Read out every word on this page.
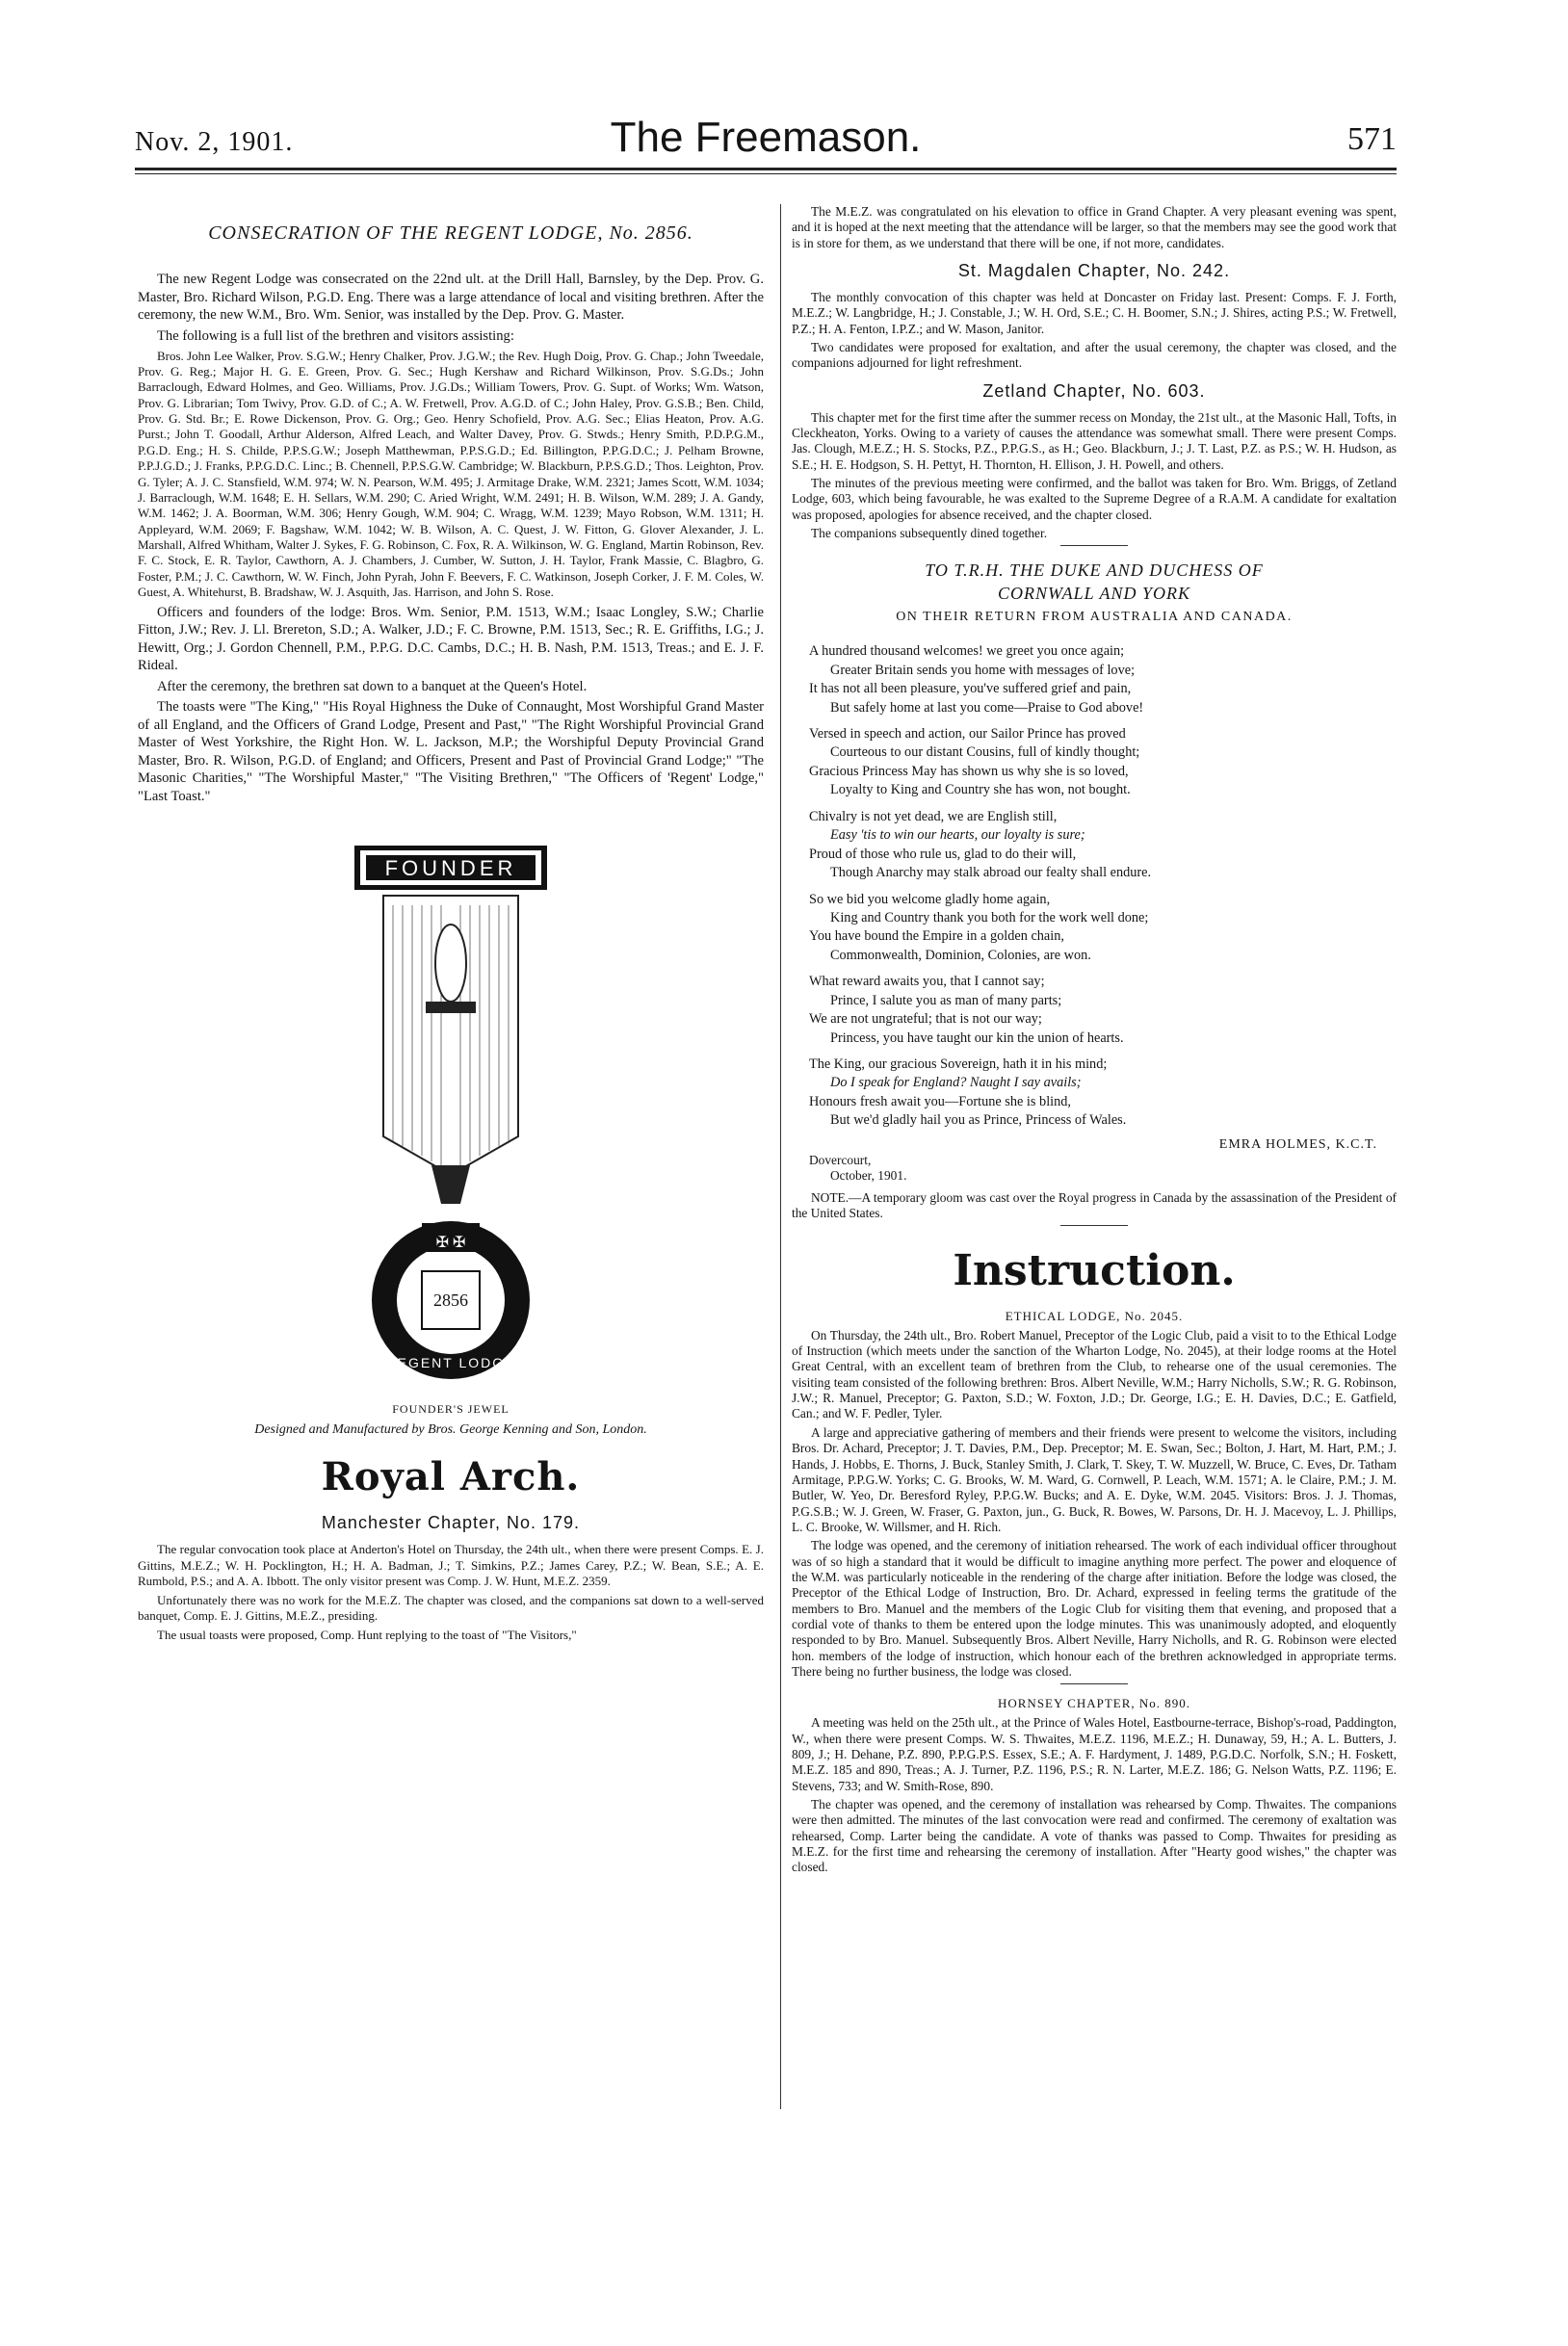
Nov. 2, 1901.	The Freemason.	571
CONSECRATION OF THE REGENT LODGE, No. 2856.

The new Regent Lodge was consecrated on the 22nd ult. at the Drill Hall, Barnsley, by the Dep. Prov. G. Master, Bro. Richard Wilson, P.G.D. Eng. There was a large attendance of local and visiting brethren. After the ceremony, the new W.M., Bro. Wm. Senior, was installed by the Dep. Prov. G. Master.

The following is a full list of the brethren and visitors assisting:

Bros. John Lee Walker, Prov. S.G.W.; Henry Chalker, Prov. J.G.W.; the Rev. Hugh Doig, Prov. G. Chap.; John Tweedale, Prov. G. Reg.; Major H. G. E. Green, Prov. G. Sec.; Hugh Kershaw and Richard Wilkinson, Prov. S.G.Ds.; John Barraclough, Edward Holmes, and Geo. Williams, Prov. J.G.Ds.; William Towers, Prov. G. Supt. of Works; Wm. Watson, Prov. G. Librarian; Tom Twivy, Prov. G.D. of C.; A. W. Fretwell, Prov. A.G.D. of C.; John Haley, Prov. G.S.B.; Ben. Child, Prov. G. Std. Br.; E. Rowe Dickenson, Prov. G. Org.; Geo. Henry Schofield, Prov. A.G. Sec.; Elias Heaton, Prov. A.G. Purst.; John T. Goodall, Arthur Alderson, Alfred Leach, and Walter Davey, Prov. G. Stwds.; Henry Smith, P.D.P.G.M., P.G.D. Eng.; H. S. Childe, P.P.S.G.W.; Joseph Matthewman, P.P.S.G.D.; Ed. Billington, P.P.G.D.C.; J. Pelham Browne, P.P.J.G.D.; J. Franks, P.P.G.D.C. Linc.; B. Chennell, P.P.S.G.W. Cambridge; W. Blackburn, P.P.S.G.D.; Thos. Leighton, Prov. G. Tyler; A. J. C. Stansfield, W.M. 974; W. N. Pearson, W.M. 495; J. Armitage Drake, W.M. 2321; James Scott, W.M. 1034; J. Barraclough, W.M. 1648; E. H. Sellars, W.M. 290; C. Aried Wright, W.M. 2491; H. B. Wilson, W.M. 289; J. A. Gandy, W.M. 1462; J. A. Boorman, W.M. 306; Henry Gough, W.M. 904; C. Wragg, W.M. 1239; Mayo Robson, W.M. 1311; H. Appleyard, W.M. 2069; F. Bagshaw, W.M. 1042; W. B. Wilson, A. C. Quest, J. W. Fitton, G. Glover Alexander, J. L. Marshall, Alfred Whitham, Walter J. Sykes, F. G. Robinson, C. Fox, R. A. Wilkinson, W. G. England, Martin Robinson, Rev. F. C. Stock, E. R. Taylor, Cawthorn, A. J. Chambers, J. Cumber, W. Sutton, J. H. Taylor, Frank Massie, C. Blagbro, G. Foster, P.M.; J. C. Cawthorn, W. W. Finch, John Pyrah, John F. Beevers, F. C. Watkinson, Joseph Corker, J. F. M. Coles, W. Guest, A. Whitehurst, B. Bradshaw, W. J. Asquith, Jas. Harrison, and John S. Rose.

Officers and founders of the lodge: Bros. Wm. Senior, P.M. 1513, W.M.; Isaac Longley, S.W.; Charlie Fitton, J.W.; Rev. J. Ll. Brereton, S.D.; A. Walker, J.D.; F. C. Browne, P.M. 1513, Sec.; R. E. Griffiths, I.G.; J. Hewitt, Org.; J. Gordon Chennell, P.M., P.P.G. D.C. Cambs, D.C.; H. B. Nash, P.M. 1513, Treas.; and E. J. F. Rideal.

After the ceremony, the brethren sat down to a banquet at the Queen's Hotel.

The toasts were "The King," "His Royal Highness the Duke of Connaught, Most Worshipful Grand Master of all England, and the Officers of Grand Lodge, Present and Past," "The Right Worshipful Provincial Grand Master of West Yorkshire, the Right Hon. W. L. Jackson, M.P.; the Worshipful Deputy Provincial Grand Master, Bro. R. Wilson, P.G.D. of England; and Officers, Present and Past of Provincial Grand Lodge;" "The Masonic Charities," "The Worshipful Master," "The Visiting Brethren," "The Officers of 'Regent' Lodge," "Last Toast."

FOUNDER
✠ ✠
REGENT LODGE
2856
FOUNDER'S JEWEL
Designed and Manufactured by Bros. George Kenning and Son, London.
Royal Arch.
Manchester Chapter, No. 179.

The regular convocation took place at Anderton's Hotel on Thursday, the 24th ult., when there were present Comps. E. J. Gittins, M.E.Z.; W. H. Pocklington, H.; H. A. Badman, J.; T. Simkins, P.Z.; James Carey, P.Z.; W. Bean, S.E.; A. E. Rumbold, P.S.; and A. A. Ibbott. The only visitor present was Comp. J. W. Hunt, M.E.Z. 2359.

Unfortunately there was no work for the M.E.Z. The chapter was closed, and the companions sat down to a well-served banquet, Comp. E. J. Gittins, M.E.Z., presiding.

The usual toasts were proposed, Comp. Hunt replying to the toast of "The Visitors,"

The M.E.Z. was congratulated on his elevation to office in Grand Chapter. A very pleasant evening was spent, and it is hoped at the next meeting that the attendance will be larger, so that the members may see the good work that is in store for them, as we understand that there will be one, if not more, candidates.

St. Magdalen Chapter, No. 242.

The monthly convocation of this chapter was held at Doncaster on Friday last. Present: Comps. F. J. Forth, M.E.Z.; W. Langbridge, H.; J. Constable, J.; W. H. Ord, S.E.; C. H. Boomer, S.N.; J. Shires, acting P.S.; W. Fretwell, P.Z.; H. A. Fenton, I.P.Z.; and W. Mason, Janitor.

Two candidates were proposed for exaltation, and after the usual ceremony, the chapter was closed, and the companions adjourned for light refreshment.

Zetland Chapter, No. 603.

This chapter met for the first time after the summer recess on Monday, the 21st ult., at the Masonic Hall, Tofts, in Cleckheaton, Yorks. Owing to a variety of causes the attendance was somewhat small. There were present Comps. Jas. Clough, M.E.Z.; H. S. Stocks, P.Z., P.P.G.S., as H.; Geo. Blackburn, J.; J. T. Last, P.Z. as P.S.; W. H. Hudson, as S.E.; H. E. Hodgson, S. H. Pettyt, H. Thornton, H. Ellison, J. H. Powell, and others.

The minutes of the previous meeting were confirmed, and the ballot was taken for Bro. Wm. Briggs, of Zetland Lodge, 603, which being favourable, he was exalted to the Supreme Degree of a R.A.M. A candidate for exaltation was proposed, apologies for absence received, and the chapter closed.

The companions subsequently dined together.

TO T.R.H. THE DUKE AND DUCHESS OF
CORNWALL AND YORK
ON THEIR RETURN FROM AUSTRALIA AND CANADA.
A hundred thousand welcomes! we greet you once again;
Greater Britain sends you home with messages of love;
It has not all been pleasure, you've suffered grief and pain,
But safely home at last you come—Praise to God above!
Versed in speech and action, our Sailor Prince has proved
Courteous to our distant Cousins, full of kindly thought;
Gracious Princess May has shown us why she is so loved,
Loyalty to King and Country she has won, not bought.
Chivalry is not yet dead, we are English still,
Easy 'tis to win our hearts, our loyalty is sure;
Proud of those who rule us, glad to do their will,
Though Anarchy may stalk abroad our fealty shall endure.
So we bid you welcome gladly home again,
King and Country thank you both for the work well done;
You have bound the Empire in a golden chain,
Commonwealth, Dominion, Colonies, are won.
What reward awaits you, that I cannot say;
Prince, I salute you as man of many parts;
We are not ungrateful; that is not our way;
Princess, you have taught our kin the union of hearts.
The King, our gracious Sovereign, hath it in his mind;
Do I speak for England? Naught I say avails;
Honours fresh await you—Fortune she is blind,
But we'd gladly hail you as Prince, Princess of Wales.
EMRA HOLMES, K.C.T.
Dovercourt,
October, 1901.

NOTE.—A temporary gloom was cast over the Royal progress in Canada by the assassination of the President of the United States.

Instruction.
ETHICAL LODGE, No. 2045.

On Thursday, the 24th ult., Bro. Robert Manuel, Preceptor of the Logic Club, paid a visit to to the Ethical Lodge of Instruction (which meets under the sanction of the Wharton Lodge, No. 2045), at their lodge rooms at the Hotel Great Central, with an excellent team of brethren from the Club, to rehearse one of the usual ceremonies. The visiting team consisted of the following brethren: Bros. Albert Neville, W.M.; Harry Nicholls, S.W.; R. G. Robinson, J.W.; R. Manuel, Preceptor; G. Paxton, S.D.; W. Foxton, J.D.; Dr. George, I.G.; E. H. Davies, D.C.; E. Gatfield, Can.; and W. F. Pedler, Tyler.

A large and appreciative gathering of members and their friends were present to welcome the visitors, including Bros. Dr. Achard, Preceptor; J. T. Davies, P.M., Dep. Preceptor; M. E. Swan, Sec.; Bolton, J. Hart, M. Hart, P.M.; J. Hands, J. Hobbs, E. Thorns, J. Buck, Stanley Smith, J. Clark, T. Skey, T. W. Muzzell, W. Bruce, C. Eves, Dr. Tatham Armitage, P.P.G.W. Yorks; C. G. Brooks, W. M. Ward, G. Cornwell, P. Leach, W.M. 1571; A. le Claire, P.M.; J. M. Butler, W. Yeo, Dr. Beresford Ryley, P.P.G.W. Bucks; and A. E. Dyke, W.M. 2045. Visitors: Bros. J. J. Thomas, P.G.S.B.; W. J. Green, W. Fraser, G. Paxton, jun., G. Buck, R. Bowes, W. Parsons, Dr. H. J. Macevoy, L. J. Phillips, L. C. Brooke, W. Willsmer, and H. Rich.

The lodge was opened, and the ceremony of initiation rehearsed. The work of each individual officer throughout was of so high a standard that it would be difficult to imagine anything more perfect. The power and eloquence of the W.M. was particularly noticeable in the rendering of the charge after initiation. Before the lodge was closed, the Preceptor of the Ethical Lodge of Instruction, Bro. Dr. Achard, expressed in feeling terms the gratitude of the members to Bro. Manuel and the members of the Logic Club for visiting them that evening, and proposed that a cordial vote of thanks to them be entered upon the lodge minutes. This was unanimously adopted, and eloquently responded to by Bro. Manuel. Subsequently Bros. Albert Neville, Harry Nicholls, and R. G. Robinson were elected hon. members of the lodge of instruction, which honour each of the brethren acknowledged in appropriate terms. There being no further business, the lodge was closed.

HORNSEY CHAPTER, No. 890.

A meeting was held on the 25th ult., at the Prince of Wales Hotel, Eastbourne-terrace, Bishop's-road, Paddington, W., when there were present Comps. W. S. Thwaites, M.E.Z. 1196, M.E.Z.; H. Dunaway, 59, H.; A. L. Butters, J. 809, J.; H. Dehane, P.Z. 890, P.P.G.P.S. Essex, S.E.; A. F. Hardyment, J. 1489, P.G.D.C. Norfolk, S.N.; H. Foskett, M.E.Z. 185 and 890, Treas.; A. J. Turner, P.Z. 1196, P.S.; R. N. Larter, M.E.Z. 186; G. Nelson Watts, P.Z. 1196; E. Stevens, 733; and W. Smith-Rose, 890.

The chapter was opened, and the ceremony of installation was rehearsed by Comp. Thwaites. The companions were then admitted. The minutes of the last convocation were read and confirmed. The ceremony of exaltation was rehearsed, Comp. Larter being the candidate. A vote of thanks was passed to Comp. Thwaites for presiding as M.E.Z. for the first time and rehearsing the ceremony of installation. After "Hearty good wishes," the chapter was closed.
